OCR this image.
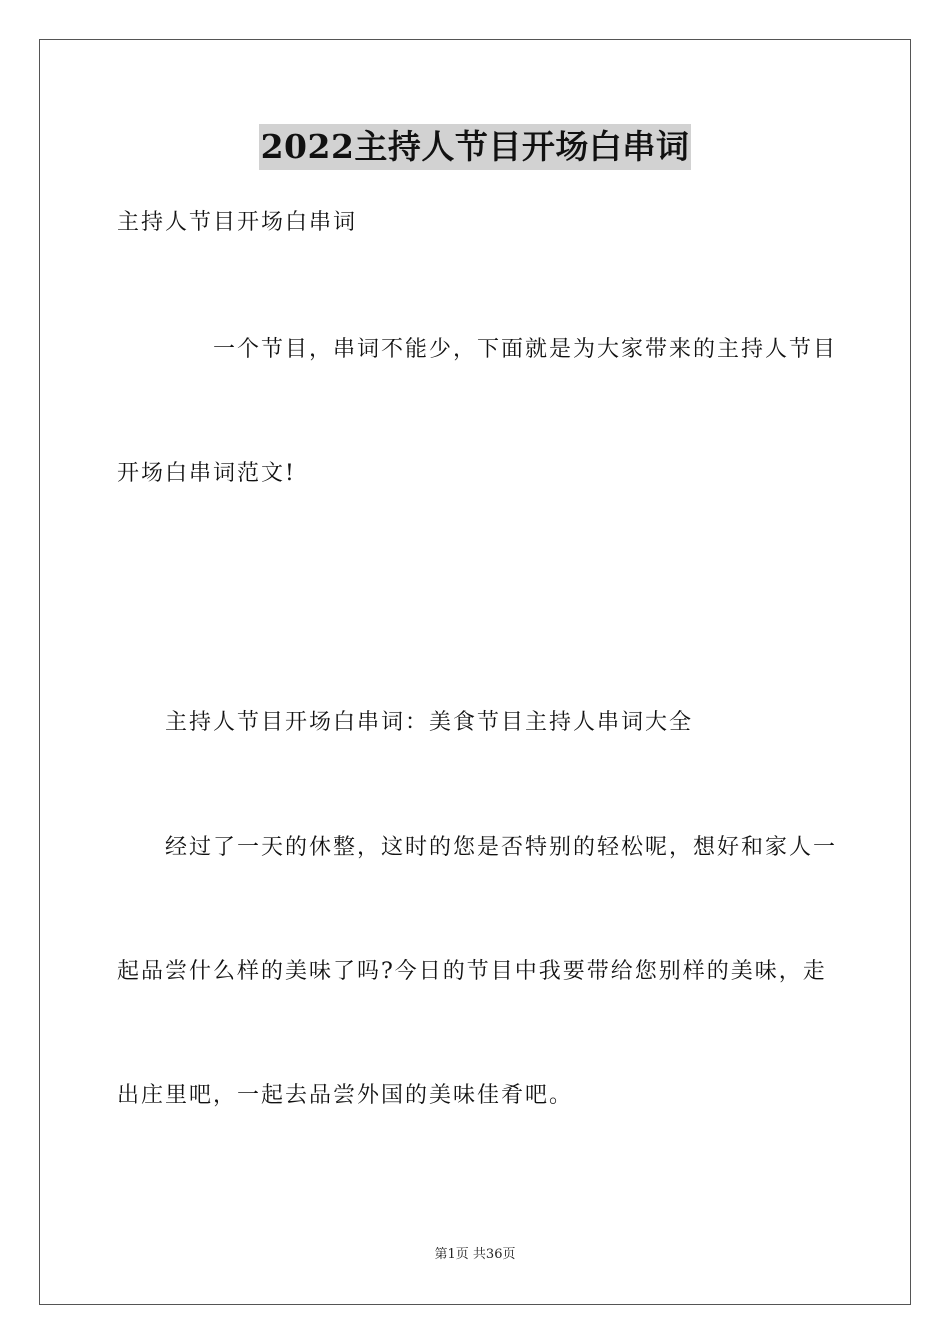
2022主持人节目开场白串词
主持人节目开场白串词
一个节目，串词不能少，下面就是为大家带来的主持人节目
开场白串词范文!
主持人节目开场白串词：美食节目主持人串词大全
经过了一天的休整，这时的您是否特别的轻松呢，想好和家人一
起品尝什么样的美味了吗?今日的节目中我要带给您别样的美味，走
出庄里吧，一起去品尝外国的美味佳肴吧。
第1页 共36页
